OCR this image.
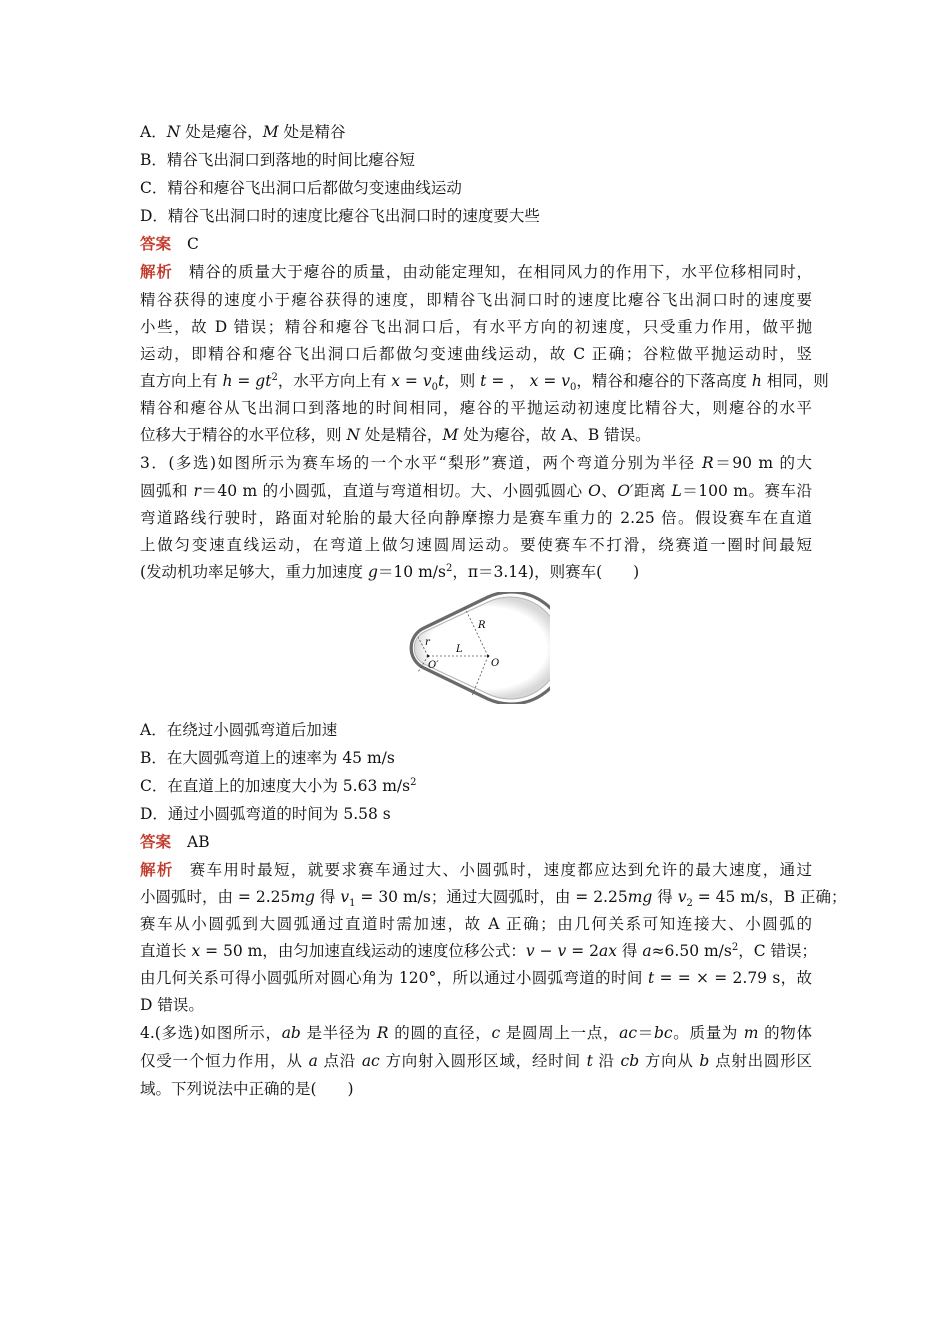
A．N 处是瘪谷，M 处是精谷
B．精谷飞出洞口到落地的时间比瘪谷短
C．精谷和瘪谷飞出洞口后都做匀变速曲线运动
D．精谷飞出洞口时的速度比瘪谷飞出洞口时的速度要大些
答案 C
解析 精谷的质量大于瘪谷的质量，由动能定理知，在相同风力的作用下，水平位移相同时，
精谷获得的速度小于瘪谷获得的速度，即精谷飞出洞口时的速度比瘪谷飞出洞口时的速度要
小些，故 D 错误；精谷和瘪谷飞出洞口后，有水平方向的初速度，只受重力作用，做平抛
运动，即精谷和瘪谷飞出洞口后都做匀变速曲线运动，故 C 正确；谷粒做平抛运动时，竖
直方向上有 $h = gt^2$，水平方向上有 $x = v_0t$，则 t = ， $x = v_0$，精谷和瘪谷的下落高度 h 相同，则
精谷和瘪谷从飞出洞口到落地的时间相同，瘪谷的平抛运动初速度比精谷大，则瘪谷的水平
位移大于精谷的水平位移，则 N 处是精谷，M 处为瘪谷，故 A、B 错误。
3．(多选)如图所示为赛车场的一个水平“梨形”赛道，两个弯道分别为半径 R＝90 m 的大
圆弧和 r＝40 m 的小圆弧，直道与弯道相切。大、小圆弧圆心 O、O′距离 L＝100 m。赛车沿
弯道路线行驶时，路面对轮胎的最大径向静摩擦力是赛车重力的 2.25 倍。假设赛车在直道
上做匀变速直线运动，在弯道上做匀速圆周运动。要使赛车不打滑，绕赛道一圈时间最短
(发动机功率足够大，重力加速度 g＝10 $m/s^2$，π＝3.14)，则赛车(　　)
R
r
L
O
O′
A．在绕过小圆弧弯道后加速
B．在大圆弧弯道上的速率为 45 m/s
C．在直道上的加速度大小为 5.63 $m/s^2$
D．通过小圆弧弯道的时间为 5.58 s
答案 AB
解析 赛车用时最短，就要求赛车通过大、小圆弧时，速度都应达到允许的最大速度，通过
小圆弧时，由 = 2.25mg 得 $v_1 = 30$ m/s；通过大圆弧时，由 = 2.25mg 得 $v_2 = 45$ m/s，B 正确；
赛车从小圆弧到大圆弧通过直道时需加速，故 A 正确；由几何关系可知连接大、小圆弧的
直道长 x = 50 m，由匀加速直线运动的速度位移公式：v − v = 2ax 得 a≈6.50 $m/s^2$，C 错误；
由几何关系可得小圆弧所对圆心角为 120°，所以通过小圆弧弯道的时间 t = = × = 2.79 s，故
D 错误。
4.(多选)如图所示，ab 是半径为 R 的圆的直径，c 是圆周上一点，ac＝bc。质量为 m 的物体
仅受一个恒力作用，从 a 点沿 ac 方向射入圆形区域，经时间 t 沿 cb 方向从 b 点射出圆形区
域。下列说法中正确的是(　　)
